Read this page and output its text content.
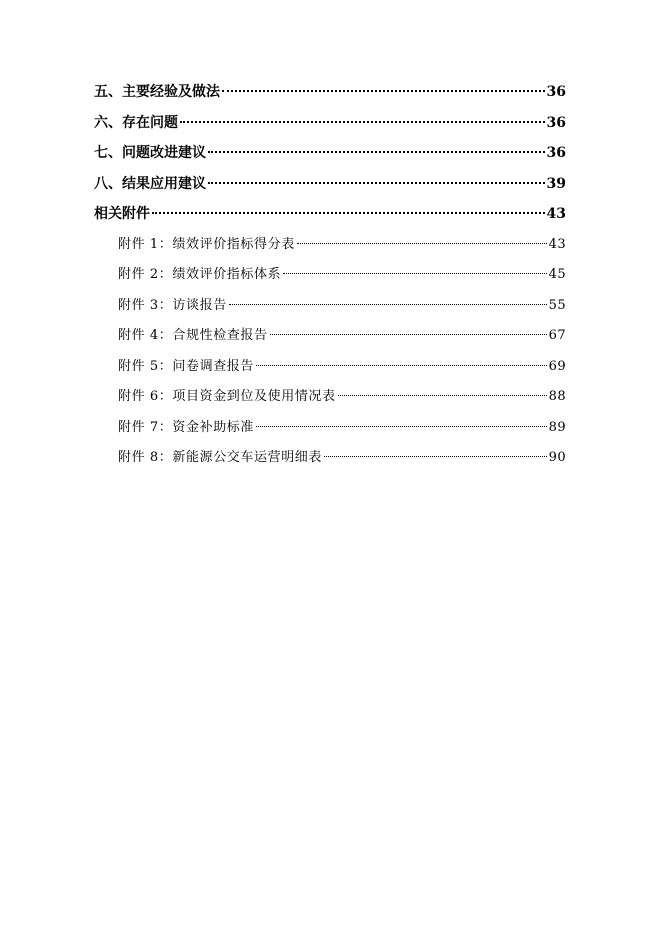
五、主要经验及做法	36
六、存在问题	36
七、问题改进建议	36
八、结果应用建议	39
相关附件	43
附件 1：绩效评价指标得分表	43
附件 2：绩效评价指标体系	45
附件 3：访谈报告	55
附件 4：合规性检查报告	67
附件 5：问卷调查报告	69
附件 6：项目资金到位及使用情况表	88
附件 7：资金补助标准	89
附件 8：新能源公交车运营明细表	90
